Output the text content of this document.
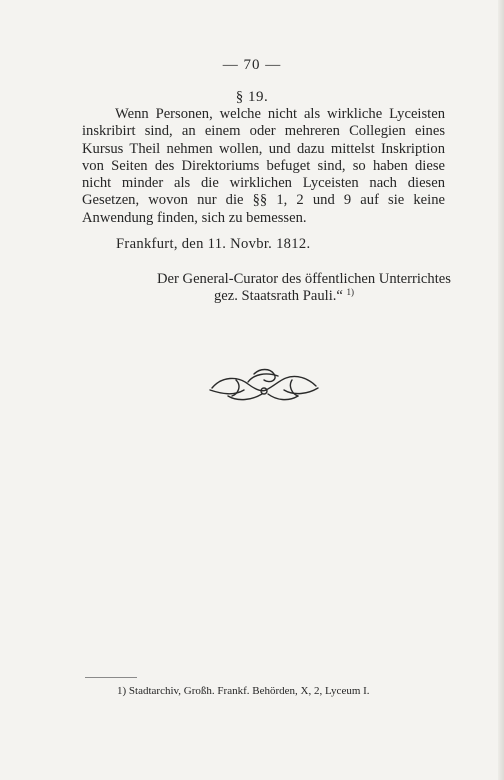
— 70 —
§ 19.

Wenn Personen, welche nicht als wirkliche Lyceisten inskribirt sind, an einem oder mehreren Collegien eines Kursus Theil nehmen wollen, und dazu mittelst Inskription von Seiten des Direktoriums befuget sind, so haben diese nicht minder als die wirklichen Lyceisten nach diesen Gesetzen, wovon nur die §§ 1, 2 und 9 auf sie keine Anwendung finden, sich zu bemessen.

Frankfurt, den 11. Novbr. 1812.
Der General-Curator des öffentlichen Unterrichtes
gez. Staatsrath Pauli.“ $^{1)}$
1) Stadtarchiv, Großh. Frankf. Behörden, X, 2, Lyceum I.
